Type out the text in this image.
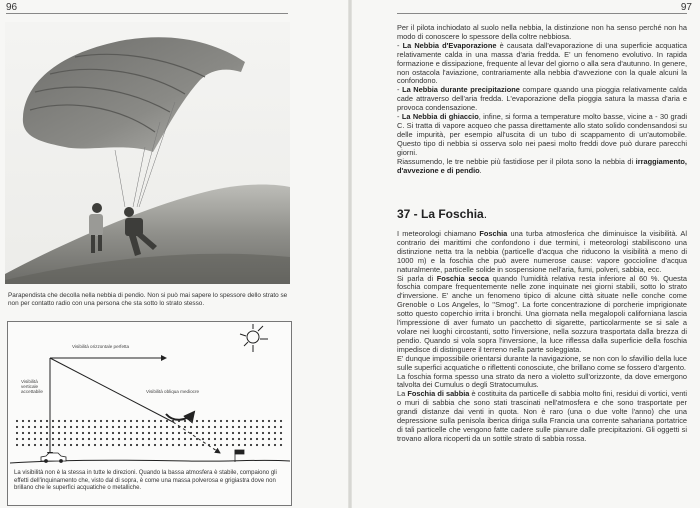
96
Parapendista che decolla nella nebbia di pendio. Non si può mai sapere lo spessore dello strato se non per contatto radio con una persona che sta sotto lo strato stesso.
Visibilità orizzontale perfetta
Visibilità
verticale
accettabile	Visibilità obliqua mediocre
La visibilità non è la stessa in tutte le direzioni. Quando la bassa atmosfera è stabile, compaiono gli effetti dell'inquinamento che, visto dal di sopra, è come una massa polverosa e grigiastra dove non brillano che le superfici acquatiche o metalliche.
97

Per il pilota inchiodato al suolo nella nebbia, la distinzione non ha senso perché non ha modo di conoscere lo spessore della coltre nebbiosa.

- La Nebbia d'Evaporazione è causata dall'evaporazione di una superficie acquatica relativamente calda in una massa d'aria fredda. E' un fenomeno evolutivo. In rapida formazione e dissipazione, frequente al levar del giorno o alla sera d'autunno. In genere, non ostacola l'aviazione, contrariamente alla nebbia d'avvezione con la quale alcuni la confondono.

- La Nebbia durante precipitazione compare quando una pioggia relativamente calda cade attraverso dell'aria fredda. L'evaporazione della pioggia satura la massa d'aria e provoca condensazione.

- La Nebbia di ghiaccio, infine, si forma a temperature molto basse, vicine a - 30 gradi C. Si tratta di vapore acqueo che passa direttamente allo stato solido condensandosi su delle impurità, per esempio all'uscita di un tubo di scappamento di un'automobile. Questo tipo di nebbia si osserva solo nei paesi molto freddi dove può durare parecchi giorni.

Riassumendo, le tre nebbie più fastidiose per il pilota sono la nebbia di irraggiamento, d'avvezione e di pendio.

37 - La Foschia.

I meteorologi chiamano Foschia una turba atmosferica che diminuisce la visibilità. Al contrario dei marittimi che confondono i due termini, i meteorologi stabiliscono una distinzione netta tra la nebbia (particelle d'acqua che riducono la visibilità a meno di 1000 m) e la foschia che può avere numerose cause: vapore goccioline d'acqua naturalmente, particelle solide in sospensione nell'aria, fumi, polveri, sabbia, ecc.

Si parla di Foschia secca quando l'umidità relativa resta inferiore al 60 %. Questa foschia compare frequentemente nelle zone inquinate nei giorni stabili, sotto lo strato d'inversione. E' anche un fenomeno tipico di alcune città situate nelle conche come Grenoble o Los Angeles, lo ''Smog''. La forte concentrazione di porcherie imprigionate sotto questo coperchio irrita i bronchi. Una giornata nella megalopoli californiana lascia l'impressione di aver fumato un pacchetto di sigarette, particolarmente se si sale a volare nei luoghi circostanti, sotto l'inversione, nella sozzura trasportata dalla brezza di pendio. Quando si vola sopra l'inversione, la luce riflessa dalla superficie della foschia impedisce di distinguere il terreno nella parte soleggiata.

E' dunque impossibile orientarsi durante la navigazione, se non con lo sfavillio della luce sulle superfici acquatiche o riflettenti conosciute, che brillano come se fossero d'argento.

La foschia forma spesso una strato da nero a violetto sull'orizzonte, da dove emergono talvolta dei Cumulus o degli Stratocumulus.

La Foschia di sabbia è costituita da particelle di sabbia molto fini, residui di vortici, venti o muri di sabbia che sono stati trascinati nell'atmosfera e che sono trasportate per grandi distanze dai venti in quota. Non è raro (una o due volte l'anno) che una depressione sulla penisola iberica diriga sulla Francia una corrente sahariana portatrice di tali particelle che vengono fatte cadere sulle pianure dalle precipitazioni. Gli oggetti si trovano allora ricoperti da un sottile strato di sabbia rossa.
